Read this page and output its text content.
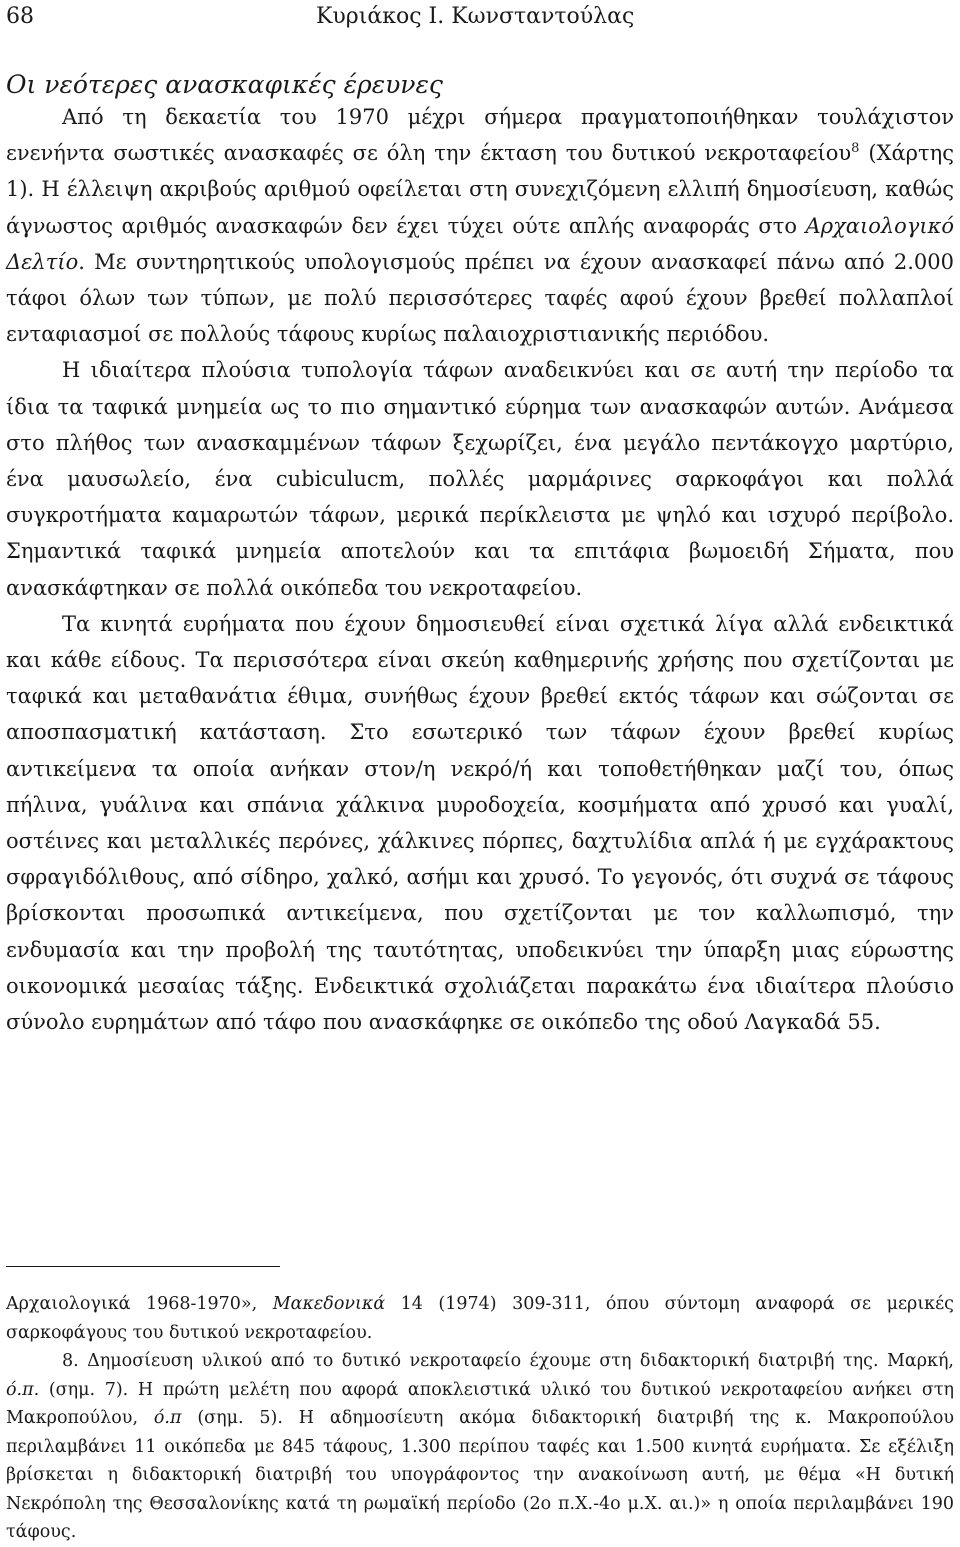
68	Κυριάκος Ι. Κωνσταντούλας
Οι νεότερες ανασκαφικές έρευνες

Από τη δεκαετία του 1970 μέχρι σήμερα πραγματοποιήθηκαν τουλάχιστον ενενήντα σωστικές ανασκαφές σε όλη την έκταση του δυτικού νεκροταφείου$^8$ (Χάρτης 1). Η έλλειψη ακριβούς αριθμού οφείλεται στη συνεχιζόμενη ελλιπή δημοσίευση, καθώς άγνωστος αριθμός ανασκαφών δεν έχει τύχει ούτε απλής αναφοράς στο Αρχαιολογικό Δελτίο. Με συντηρητικούς υπολογισμούς πρέπει να έχουν ανασκαφεί πάνω από 2.000 τάφοι όλων των τύπων, με πολύ περισσότερες ταφές αφού έχουν βρεθεί πολλαπλοί ενταφιασμοί σε πολλούς τάφους κυρίως παλαιοχριστιανικής περιόδου.

Η ιδιαίτερα πλούσια τυπολογία τάφων αναδεικνύει και σε αυτή την περίοδο τα ίδια τα ταφικά μνημεία ως το πιο σημαντικό εύρημα των ανασκαφών αυτών. Ανάμεσα στο πλήθος των ανασκαμμένων τάφων ξεχωρίζει, ένα μεγάλο πεντάκογχο μαρτύριο, ένα μαυσωλείο, ένα cubiculucm, πολλές μαρμάρινες σαρκοφάγοι και πολλά συγκροτήματα καμαρωτών τάφων, μερικά περίκλειστα με ψηλό και ισχυρό περίβολο. Σημαντικά ταφικά μνημεία αποτελούν και τα επιτάφια βωμοειδή Σήματα, που ανασκάφτηκαν σε πολλά οικόπεδα του νεκροταφείου.

Τα κινητά ευρήματα που έχουν δημοσιευθεί είναι σχετικά λίγα αλλά ενδεικτικά και κάθε είδους. Τα περισσότερα είναι σκεύη καθημερινής χρήσης που σχετίζονται με ταφικά και μεταθανάτια έθιμα, συνήθως έχουν βρεθεί εκτός τάφων και σώζονται σε αποσπασματική κατάσταση. Στο εσωτερικό των τάφων έχουν βρεθεί κυρίως αντικείμενα τα οποία ανήκαν στον/η νεκρό/ή και τοποθετήθηκαν μαζί του, όπως πήλινα, γυάλινα και σπάνια χάλκινα μυροδοχεία, κοσμήματα από χρυσό και γυαλί, οστέινες και μεταλλικές περόνες, χάλκινες πόρπες, δαχτυλίδια απλά ή με εγχάρακτους σφραγιδόλιθους, από σίδηρο, χαλκό, ασήμι και χρυσό. Το γεγονός, ότι συχνά σε τάφους βρίσκονται προσωπικά αντικείμενα, που σχετίζονται με τον καλλωπισμό, την ενδυμασία και την προβολή της ταυτότητας, υποδεικνύει την ύπαρξη μιας εύρωστης οικονομικά μεσαίας τάξης. Ενδεικτικά σχολιάζεται παρακάτω ένα ιδιαίτερα πλούσιο σύνολο ευρημάτων από τάφο που ανασκάφηκε σε οικόπεδο της οδού Λαγκαδά 55.

Αρχαιολογικά 1968-1970», Μακεδονικά 14 (1974) 309-311, όπου σύντομη αναφορά σε μερικές σαρκοφάγους του δυτικού νεκροταφείου.

8. Δημοσίευση υλικού από το δυτικό νεκροταφείο έχουμε στη διδακτορική διατριβή της. Μαρκή, ό.π. (σημ. 7). Η πρώτη μελέτη που αφορά αποκλειστικά υλικό του δυτικού νεκροταφείου ανήκει στη Μακροπούλου, ό.π (σημ. 5). Η αδημοσίευτη ακόμα διδακτορική διατριβή της κ. Μακροπούλου περιλαμβάνει 11 οικόπεδα με 845 τάφους, 1.300 περίπου ταφές και 1.500 κινητά ευρήματα. Σε εξέλιξη βρίσκεται η διδακτορική διατριβή του υπογράφοντος την ανακοίνωση αυτή, με θέμα «Η δυτική Νεκρόπολη της Θεσσαλονίκης κατά τη ρωμαϊκή περίοδο (2ο π.Χ.-4ο μ.Χ. αι.)» η οποία περιλαμβάνει 190 τάφους.
